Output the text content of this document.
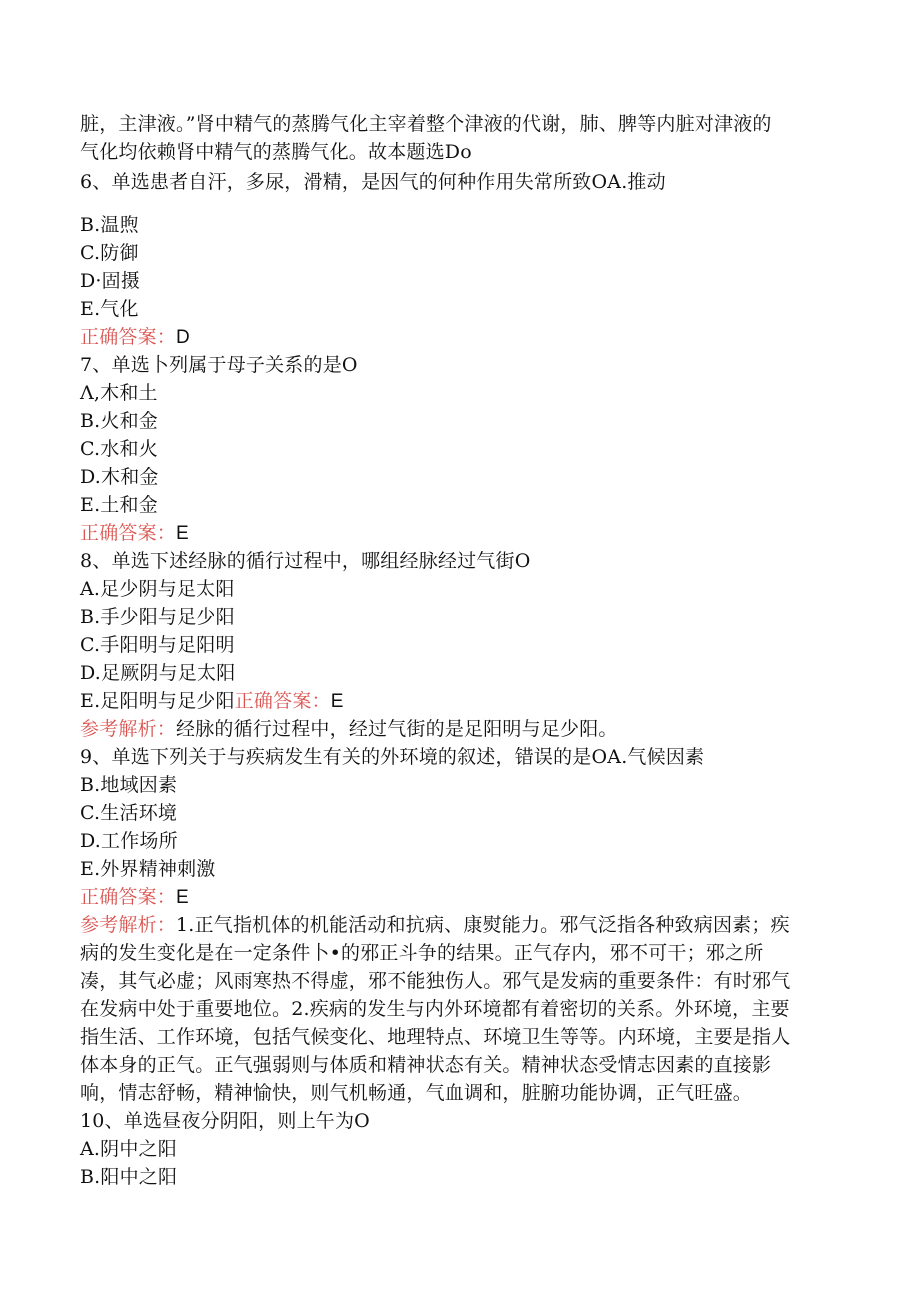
脏，主津液。”肾中精气的蒸腾气化主宰着整个津液的代谢，肺、脾等内脏对津液的
气化均依赖肾中精气的蒸腾气化。故本题选Do
6、单选患者自汗，多尿，滑精，是因气的何种作用失常所致OA.推动
B.温煦
C.防御
D·固摄
E.气化
正确答案：D
7、单选卜列属于母子关系的是O
Λ,木和土
B.火和金
C.水和火
D.木和金
E.土和金
正确答案：E
8、单选下述经脉的循行过程中，哪组经脉经过气街O
A.足少阴与足太阳
B.手少阳与足少阳
C.手阳明与足阳明
D.足厥阴与足太阳
E.足阳明与足少阳正确答案：E
参考解析：经脉的循行过程中，经过气街的是足阳明与足少阳。
9、单选下列关于与疾病发生有关的外环境的叙述，错误的是OA.气候因素
B.地域因素
C.生活环境
D.工作场所
E.外界精神刺激
正确答案：E
参考解析：1.正气指机体的机能活动和抗病、康熨能力。邪气泛指各种致病因素；疾
病的发生变化是在一定条件卜•的邪正斗争的结果。正气存内，邪不可干；邪之所
凑，其气必虚；风雨寒热不得虚，邪不能独伤人。邪气是发病的重要条件：有时邪气
在发病中处于重要地位。2.疾病的发生与内外环境都有着密切的关系。外环境，主要
指生活、工作环境，包括气候变化、地理特点、环境卫生等等。内环境，主要是指人
体本身的正气。正气强弱则与体质和精神状态有关。精神状态受情志因素的直接影
响，情志舒畅，精神愉快，则气机畅通，气血调和，脏腑功能协调，正气旺盛。
10、单选昼夜分阴阳，则上午为O
A.阴中之阳
B.阳中之阳
